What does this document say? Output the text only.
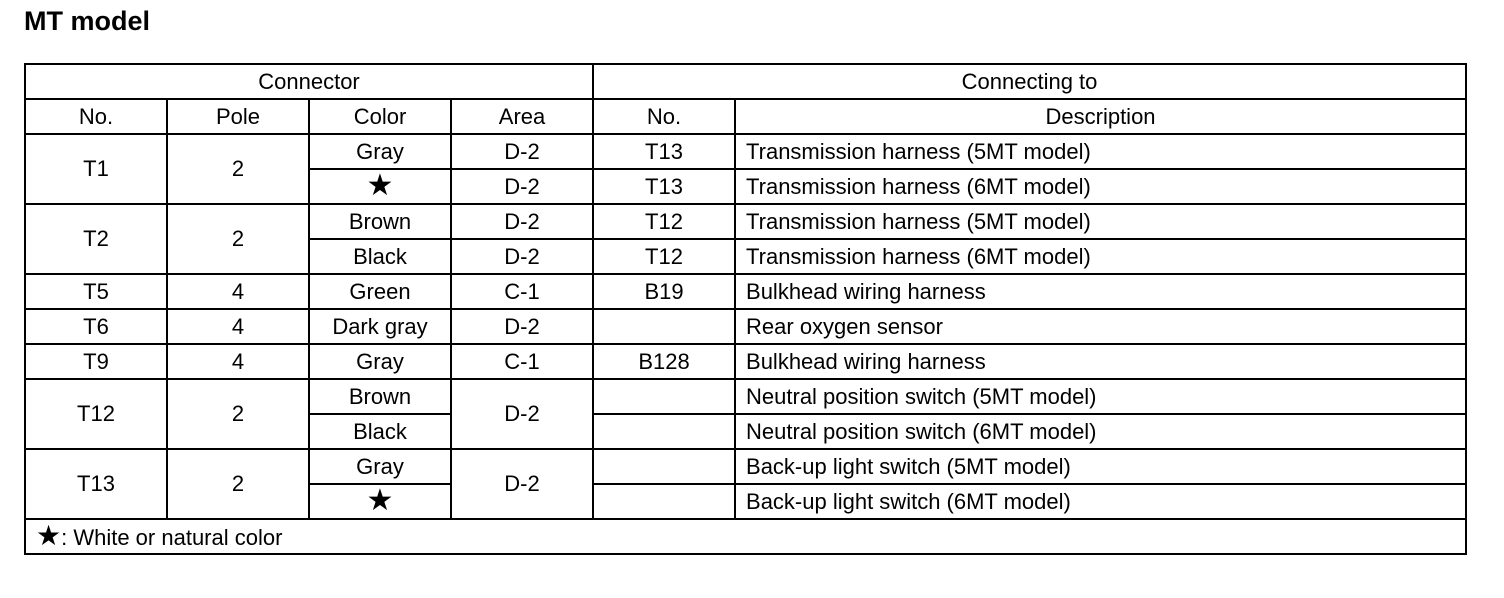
MT model
Connector				Connecting to	
No.	Pole	Color	Area	No.	Description
T1	2	Gray	D-2	T13	Transmission harness (5MT model)
		★	D-2	T13	Transmission harness (6MT model)
T2	2	Brown	D-2	T12	Transmission harness (5MT model)
		Black	D-2	T12	Transmission harness (6MT model)
T5	4	Green	C-1	B19	Bulkhead wiring harness
T6	4	Dark gray	D-2		Rear oxygen sensor
T9	4	Gray	C-1	B128	Bulkhead wiring harness
T12	2	Brown	D-2		Neutral position switch (5MT model)
		Black			Neutral position switch (6MT model)
T13	2	Gray	D-2		Back-up light switch (5MT model)
		★			Back-up light switch (6MT model)
★: White or natural color					
